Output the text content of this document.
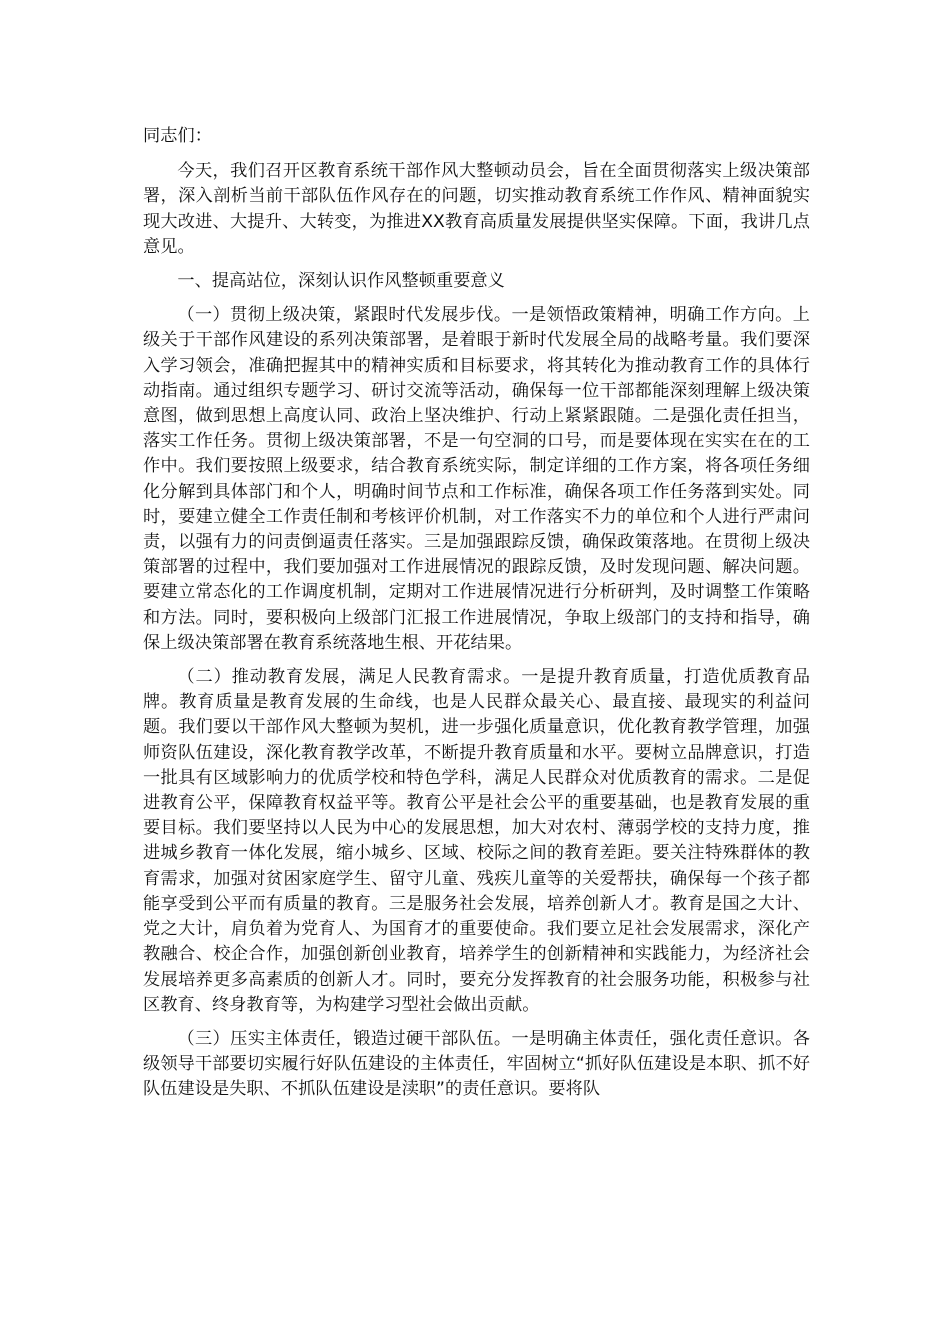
同志们：

今天，我们召开区教育系统干部作风大整顿动员会，旨在全面贯彻落实上级决策部署，深入剖析当前干部队伍作风存在的问题，切实推动教育系统工作作风、精神面貌实现大改进、大提升、大转变，为推进XX教育高质量发展提供坚实保障。下面，我讲几点意见。

一、提高站位，深刻认识作风整顿重要意义

（一）贯彻上级决策，紧跟时代发展步伐。一是领悟政策精神，明确工作方向。上级关于干部作风建设的系列决策部署，是着眼于新时代发展全局的战略考量。我们要深入学习领会，准确把握其中的精神实质和目标要求，将其转化为推动教育工作的具体行动指南。通过组织专题学习、研讨交流等活动，确保每一位干部都能深刻理解上级决策意图，做到思想上高度认同、政治上坚决维护、行动上紧紧跟随。二是强化责任担当，落实工作任务。贯彻上级决策部署，不是一句空洞的口号，而是要体现在实实在在的工作中。我们要按照上级要求，结合教育系统实际，制定详细的工作方案，将各项任务细化分解到具体部门和个人，明确时间节点和工作标准，确保各项工作任务落到实处。同时，要建立健全工作责任制和考核评价机制，对工作落实不力的单位和个人进行严肃问责，以强有力的问责倒逼责任落实。三是加强跟踪反馈，确保政策落地。在贯彻上级决策部署的过程中，我们要加强对工作进展情况的跟踪反馈，及时发现问题、解决问题。要建立常态化的工作调度机制，定期对工作进展情况进行分析研判，及时调整工作策略和方法。同时，要积极向上级部门汇报工作进展情况，争取上级部门的支持和指导，确保上级决策部署在教育系统落地生根、开花结果。

（二）推动教育发展，满足人民教育需求。一是提升教育质量，打造优质教育品牌。教育质量是教育发展的生命线，也是人民群众最关心、最直接、最现实的利益问题。我们要以干部作风大整顿为契机，进一步强化质量意识，优化教育教学管理，加强师资队伍建设，深化教育教学改革，不断提升教育质量和水平。要树立品牌意识，打造一批具有区域影响力的优质学校和特色学科，满足人民群众对优质教育的需求。二是促进教育公平，保障教育权益平等。教育公平是社会公平的重要基础，也是教育发展的重要目标。我们要坚持以人民为中心的发展思想，加大对农村、薄弱学校的支持力度，推进城乡教育一体化发展，缩小城乡、区域、校际之间的教育差距。要关注特殊群体的教育需求，加强对贫困家庭学生、留守儿童、残疾儿童等的关爱帮扶，确保每一个孩子都能享受到公平而有质量的教育。三是服务社会发展，培养创新人才。教育是国之大计、党之大计，肩负着为党育人、为国育才的重要使命。我们要立足社会发展需求，深化产教融合、校企合作，加强创新创业教育，培养学生的创新精神和实践能力，为经济社会发展培养更多高素质的创新人才。同时，要充分发挥教育的社会服务功能，积极参与社区教育、终身教育等，为构建学习型社会做出贡献。

（三）压实主体责任，锻造过硬干部队伍。一是明确主体责任，强化责任意识。各级领导干部要切实履行好队伍建设的主体责任，牢固树立“抓好队伍建设是本职、抓不好队伍建设是失职、不抓队伍建设是渎职”的责任意识。要将队
